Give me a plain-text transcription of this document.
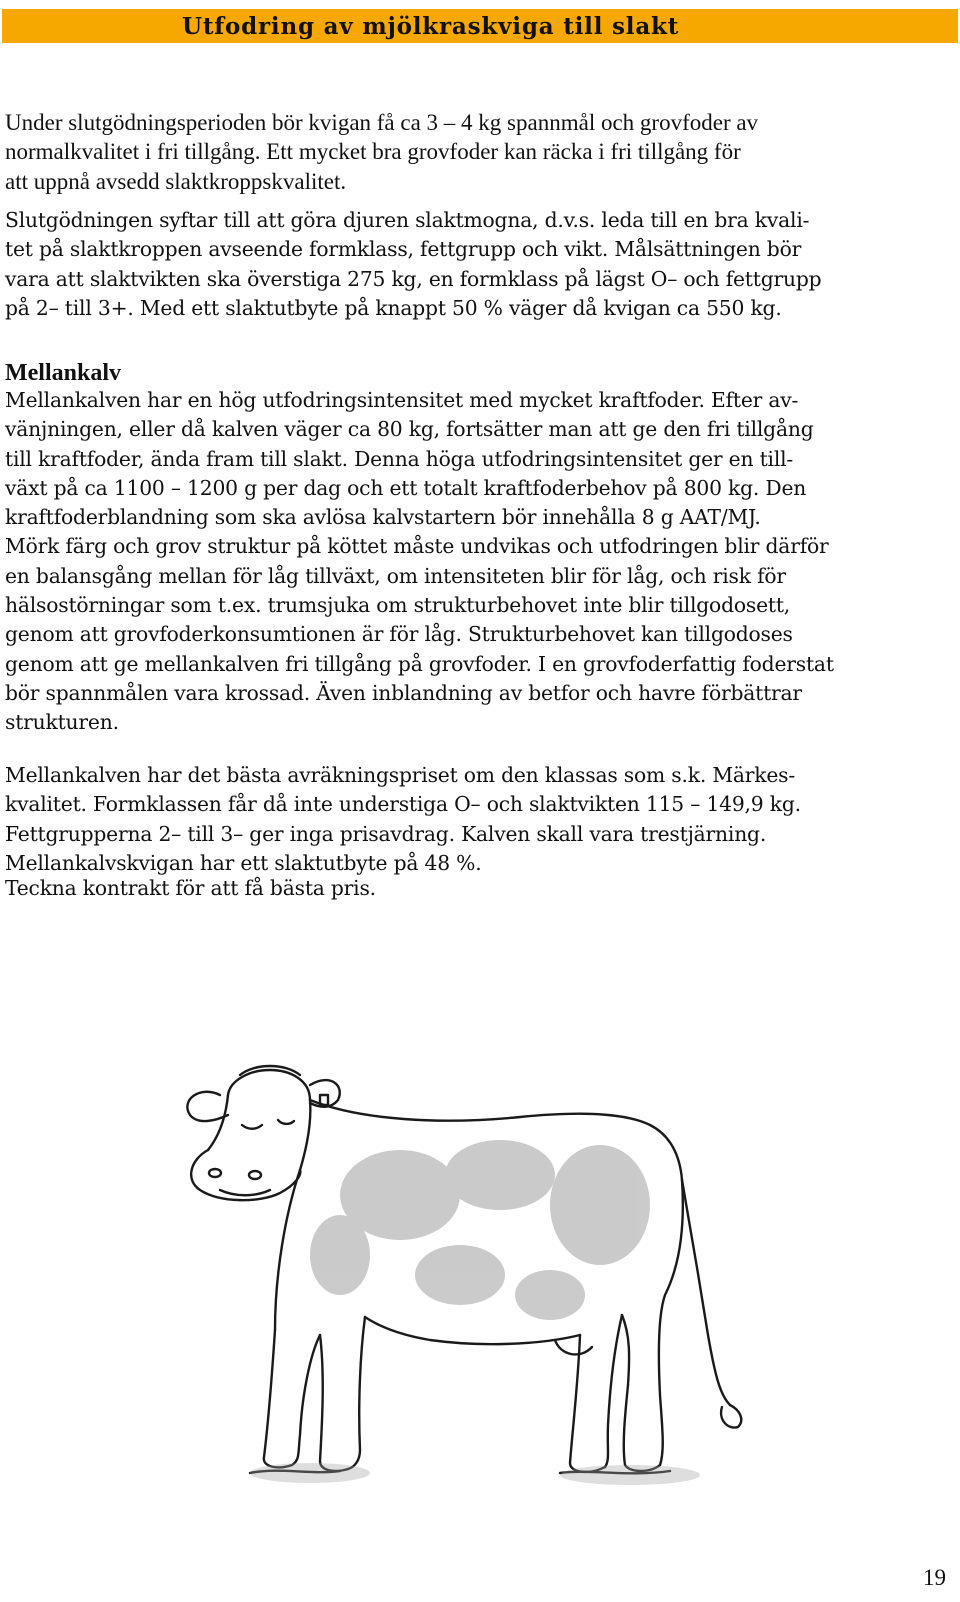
Utfodring av mjölkraskviga till slakt
Under slutgödningsperioden bör kvigan få ca 3 – 4 kg spannmål och grovfoder av
normalkvalitet i fri tillgång. Ett mycket bra grovfoder kan räcka i fri tillgång för
att uppnå avsedd slaktkroppskvalitet.
Slutgödningen syftar till att göra djuren slaktmogna, d.v.s. leda till en bra kvali-
tet på slaktkroppen avseende formklass, fettgrupp och vikt. Målsättningen bör
vara att slaktvikten ska överstiga 275 kg, en formklass på lägst O– och fettgrupp
på 2– till 3+. Med ett slaktutbyte på knappt 50 % väger då kvigan ca 550 kg.
Mellankalv
Mellankalven har en hög utfodringsintensitet med mycket kraftfoder. Efter av-
vänjningen, eller då kalven väger ca 80 kg, fortsätter man att ge den fri tillgång
till kraftfoder, ända fram till slakt. Denna höga utfodringsintensitet ger en till-
växt på ca 1100 – 1200 g per dag och ett totalt kraftfoderbehov på 800 kg. Den
kraftfoderblandning som ska avlösa kalvstartern bör innehålla 8 g AAT/MJ.
Mörk färg och grov struktur på köttet måste undvikas och utfodringen blir därför
en balansgång mellan för låg tillväxt, om intensiteten blir för låg, och risk för
hälsostörningar som t.ex. trumsjuka om strukturbehovet inte blir tillgodosett,
genom att grovfoderkonsumtionen är för låg. Strukturbehovet kan tillgodoses
genom att ge mellankalven fri tillgång på grovfoder. I en grovfoderfattig foderstat
bör spannmålen vara krossad. Även inblandning av betfor och havre förbättrar
strukturen.
Mellankalven har det bästa avräkningspriset om den klassas som s.k. Märkes-
kvalitet. Formklassen får då inte understiga O– och slaktvikten 115 – 149,9 kg.
Fettgrupperna 2– till 3– ger inga prisavdrag. Kalven skall vara trestjärning.
Mellankalvskvigan har ett slaktutbyte på 48 %.
Teckna kontrakt för att få bästa pris.
19
